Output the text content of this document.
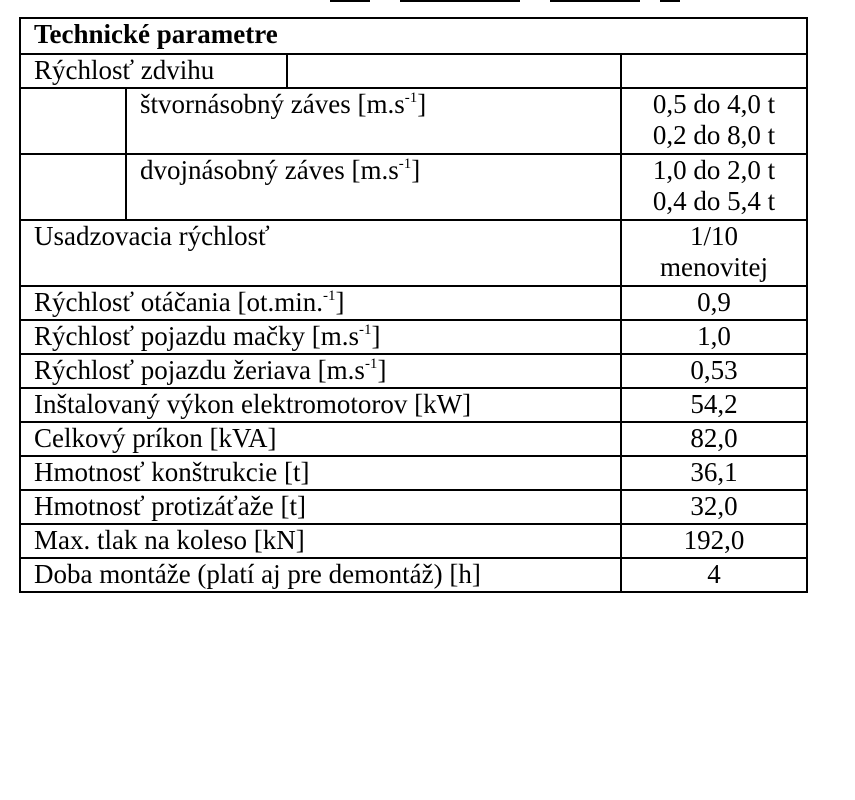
Technické parametre			
Rýchlosť zdvihu			
	štvornásobný záves $[m.s^{-1}]$		0,5 do 4,0 t
0,2 do 8,0 t

	dvojnásobný záves $[m.s^{-1}]$		1,0 do 2,0 t
0,4 do 5,4 t

Usadzovacia rýchlosť			1/10
menovitej

Rýchlosť otáčania [ot.min.$^{-1}$]			0,9
Rýchlosť pojazdu mačky $[m.s^{-1}]$			1,0
Rýchlosť pojazdu žeriava $[m.s^{-1}]$			0,53
Inštalovaný výkon elektromotorov [kW]			54,2
Celkový príkon [kVA]			82,0
Hmotnosť konštrukcie [t]			36,1
Hmotnosť protizáťaže [t]			32,0
Max. tlak na koleso [kN]			192,0
Doba montáže (platí aj pre demontáž) [h]			4
